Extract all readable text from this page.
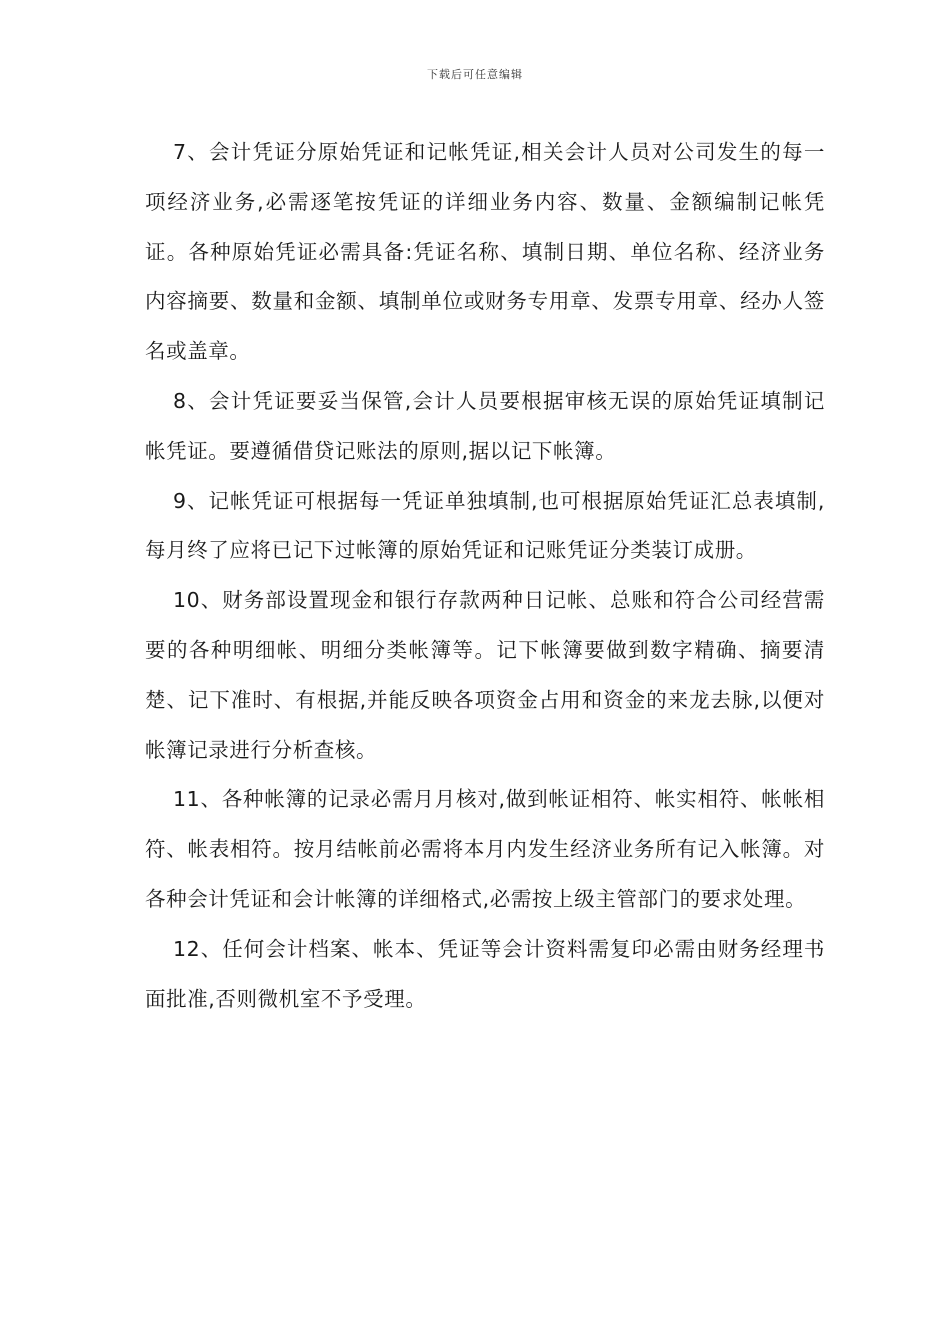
下载后可任意编辑

7、会计凭证分原始凭证和记帐凭证,相关会计人员对公司发生的每一项经济业务,必需逐笔按凭证的详细业务内容、数量、金额编制记帐凭证。各种原始凭证必需具备:凭证名称、填制日期、单位名称、经济业务内容摘要、数量和金额、填制单位或财务专用章、发票专用章、经办人签名或盖章。

8、会计凭证要妥当保管,会计人员要根据审核无误的原始凭证填制记帐凭证。要遵循借贷记账法的原则,据以记下帐簿。

9、记帐凭证可根据每一凭证单独填制,也可根据原始凭证汇总表填制,每月终了应将已记下过帐簿的原始凭证和记账凭证分类装订成册。

10、财务部设置现金和银行存款两种日记帐、总账和符合公司经营需要的各种明细帐、明细分类帐簿等。记下帐簿要做到数字精确、摘要清楚、记下准时、有根据,并能反映各项资金占用和资金的来龙去脉,以便对帐簿记录进行分析查核。

11、各种帐簿的记录必需月月核对,做到帐证相符、帐实相符、帐帐相符、帐表相符。按月结帐前必需将本月内发生经济业务所有记入帐簿。对各种会计凭证和会计帐簿的详细格式,必需按上级主管部门的要求处理。

12、任何会计档案、帐本、凭证等会计资料需复印必需由财务经理书面批准,否则微机室不予受理。
